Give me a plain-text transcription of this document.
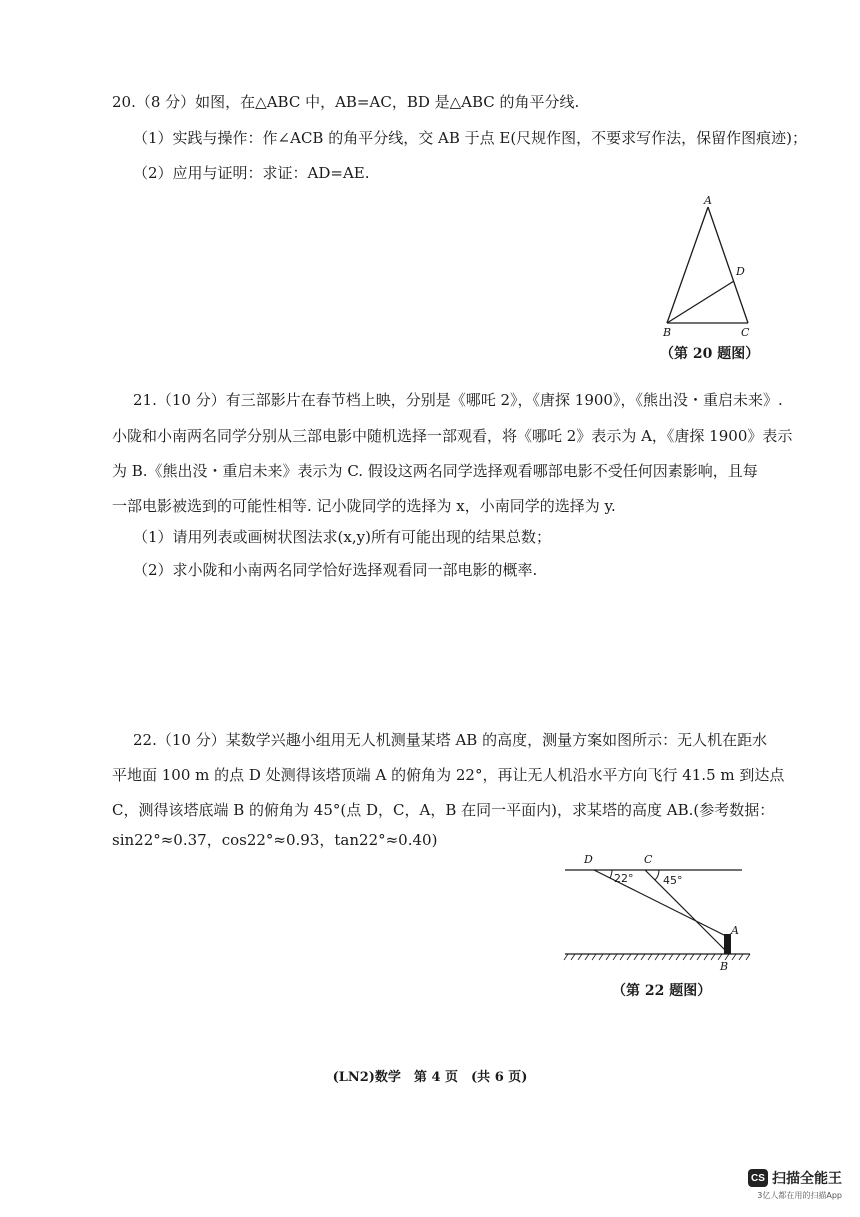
20.（8 分）如图，在△ABC 中，AB=AC，BD 是△ABC 的角平分线.
（1）实践与操作：作∠ACB 的角平分线，交 AB 于点 E(尺规作图，不要求写作法，保留作图痕迹)；
（2）应用与证明：求证：AD=AE.
A
D
B	C
（第 20 题图）
21.（10 分）有三部影片在春节档上映，分别是《哪吒 2》，《唐探 1900》，《熊出没・重启未来》.
小陇和小南两名同学分别从三部电影中随机选择一部观看，将《哪吒 2》表示为 A，《唐探 1900》表示
为 B.《熊出没・重启未来》表示为 C. 假设这两名同学选择观看哪部电影不受任何因素影响，且每
一部电影被选到的可能性相等. 记小陇同学的选择为 x，小南同学的选择为 y.
（1）请用列表或画树状图法求(x,y)所有可能出现的结果总数；
（2）求小陇和小南两名同学恰好选择观看同一部电影的概率.
22.（10 分）某数学兴趣小组用无人机测量某塔 AB 的高度，测量方案如图所示：无人机在距水
平地面 100 m 的点 D 处测得该塔顶端 A 的俯角为 22°，再让无人机沿水平方向飞行 41.5 m 到达点
C，测得该塔底端 B 的俯角为 45°(点 D，C，A，B 在同一平面内)，求某塔的高度 AB.(参考数据：
sin22°≈0.37，cos22°≈0.93，tan22°≈0.40)
D	C
A
B
22°	45°
（第 22 题图）
(LN2)数学　第 4 页　(共 6 页)
CS 扫描全能王
3亿人都在用的扫描App
